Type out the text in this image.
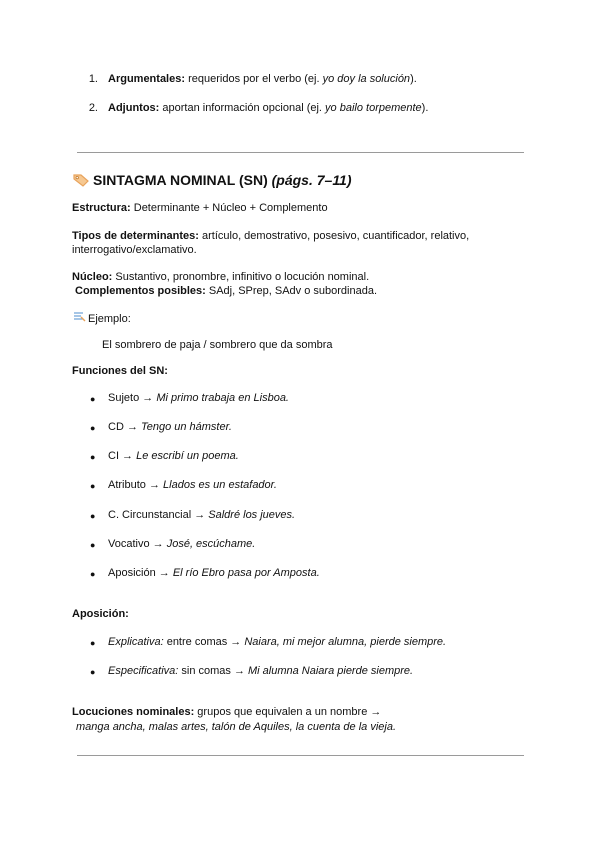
1. Argumentales: requeridos por el verbo (ej. yo doy la solución).
2. Adjuntos: aportan información opcional (ej. yo bailo torpemente).
SINTAGMA NOMINAL (SN) (págs. 7–11)
Estructura: Determinante + Núcleo + Complemento
Tipos de determinantes: artículo, demostrativo, posesivo, cuantificador, relativo,
interrogativo/exclamativo.
Núcleo: Sustantivo, pronombre, infinitivo o locución nominal.
Complementos posibles: SAdj, SPrep, SAdv o subordinada.
Ejemplo:
El sombrero de paja / sombrero que da sombra
Funciones del SN:
● Sujeto → Mi primo trabaja en Lisboa.
● CD → Tengo un hámster.
● CI → Le escribí un poema.
● Atributo → Llados es un estafador.
● C. Circunstancial → Saldré los jueves.
● Vocativo → José, escúchame.
● Aposición → El río Ebro pasa por Amposta.
Aposición:
● Explicativa: entre comas → Naiara, mi mejor alumna, pierde siempre.
● Especificativa: sin comas → Mi alumna Naiara pierde siempre.
Locuciones nominales: grupos que equivalen a un nombre →
manga ancha, malas artes, talón de Aquiles, la cuenta de la vieja.
